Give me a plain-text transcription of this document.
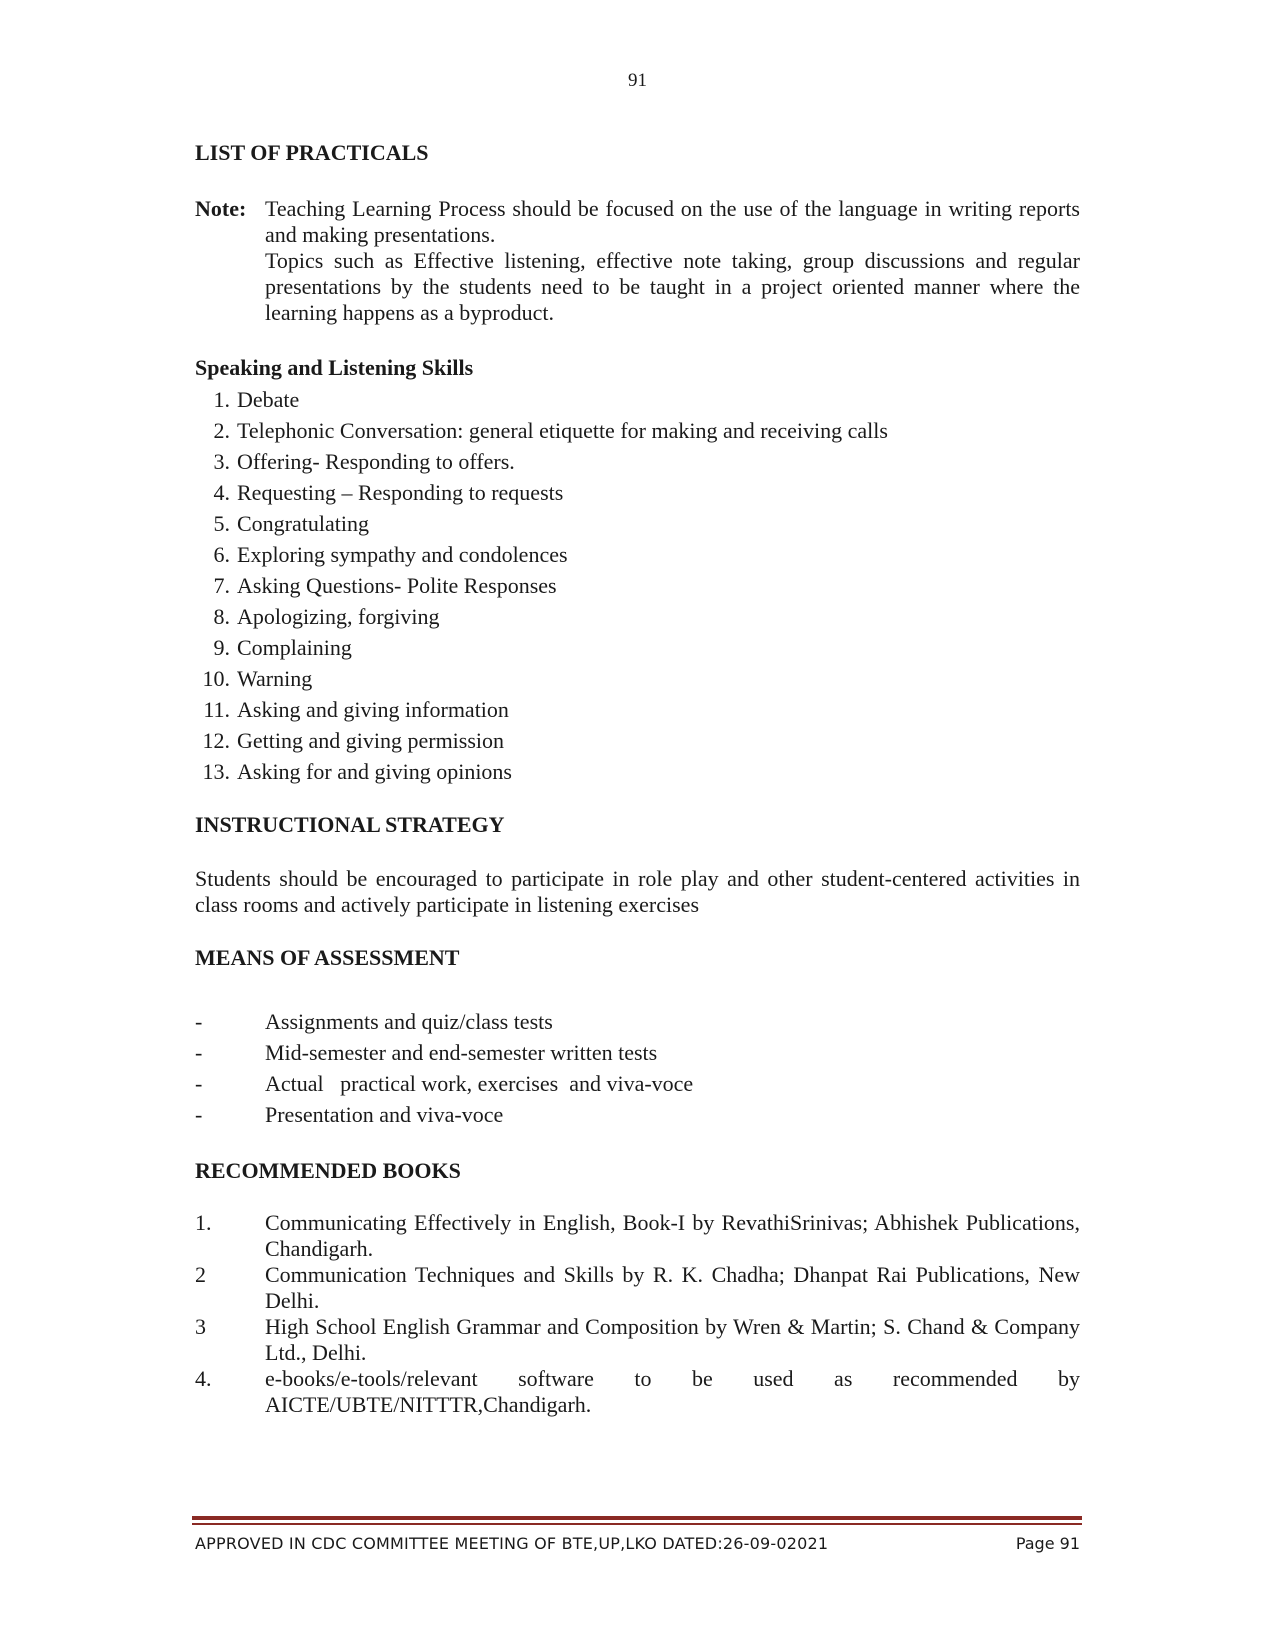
91
LIST OF PRACTICALS
Note: Teaching Learning Process should be focused on the use of the language in writing reports and making presentations.

Topics such as Effective listening, effective note taking, group discussions and regular presentations by the students need to be taught in a project oriented manner where the learning happens as a byproduct.

Speaking and Listening Skills
1. Debate
2. Telephonic Conversation: general etiquette for making and receiving calls
3. Offering- Responding to offers.
4. Requesting – Responding to requests
5. Congratulating
6. Exploring sympathy and condolences
7. Asking Questions- Polite Responses
8. Apologizing, forgiving
9. Complaining
10. Warning
11. Asking and giving information
12. Getting and giving permission
13. Asking for and giving opinions
INSTRUCTIONAL STRATEGY
Students should be encouraged to participate in role play and other student-centered activities in class rooms and actively participate in listening exercises
MEANS OF ASSESSMENT
-	Assignments and quiz/class tests
-	Mid-semester and end-semester written tests
-	Actual   practical work, exercises  and viva-voce
-	Presentation and viva-voce
RECOMMENDED BOOKS
1. Communicating Effectively in English, Book-I by RevathiSrinivas; Abhishek Publications, Chandigarh.
2	Communication Techniques and Skills by R. K. Chadha; Dhanpat Rai Publications, New Delhi.
3	High School English Grammar and Composition by Wren & Martin; S. Chand & Company Ltd., Delhi.
4. e-books/e-tools/relevant software to be used as recommended by AICTE/UBTE/NITTTR,Chandigarh.
APPROVED IN CDC COMMITTEE MEETING OF BTE,UP,LKO DATED:26-09-02021	Page 91
